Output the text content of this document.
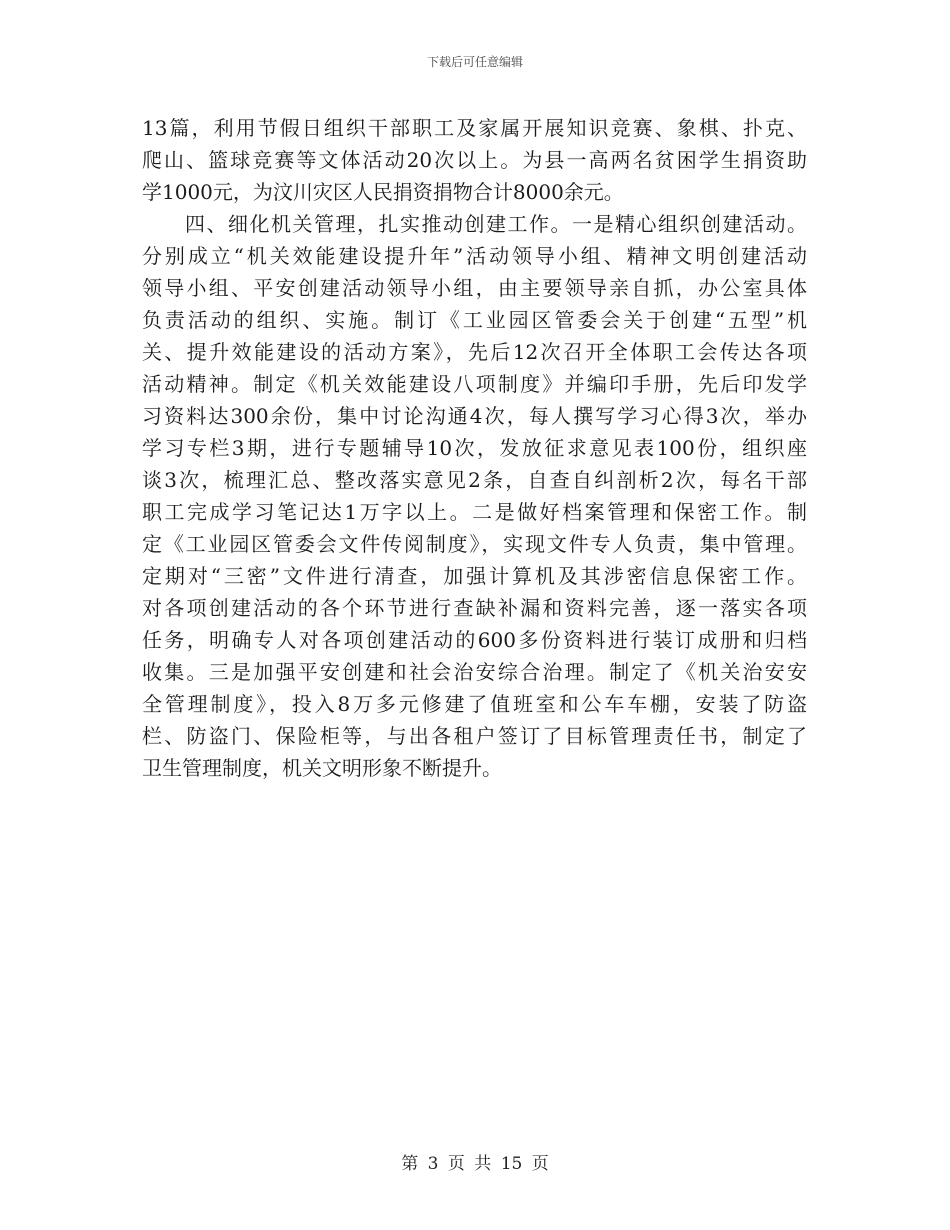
下载后可任意编辑
13篇，利用节假日组织干部职工及家属开展知识竞赛、象棋、扑克、
爬山、篮球竞赛等文体活动20次以上。为县一高两名贫困学生捐资助
学1000元，为汶川灾区人民捐资捐物合计8000余元。
　　四、细化机关管理，扎实推动创建工作。一是精心组织创建活动。
分别成立“机关效能建设提升年”活动领导小组、精神文明创建活动
领导小组、平安创建活动领导小组，由主要领导亲自抓，办公室具体
负责活动的组织、实施。制订《工业园区管委会关于创建“五型”机
关、提升效能建设的活动方案》，先后12次召开全体职工会传达各项
活动精神。制定《机关效能建设八项制度》并编印手册，先后印发学
习资料达300余份，集中讨论沟通4次，每人撰写学习心得3次，举办
学习专栏3期，进行专题辅导10次，发放征求意见表100份，组织座
谈3次，梳理汇总、整改落实意见2条，自查自纠剖析2次，每名干部
职工完成学习笔记达1万字以上。二是做好档案管理和保密工作。制
定《工业园区管委会文件传阅制度》，实现文件专人负责，集中管理。
定期对“三密”文件进行清查，加强计算机及其涉密信息保密工作。
对各项创建活动的各个环节进行查缺补漏和资料完善，逐一落实各项
任务，明确专人对各项创建活动的600多份资料进行装订成册和归档
收集。三是加强平安创建和社会治安综合治理。制定了《机关治安安
全管理制度》，投入8万多元修建了值班室和公车车棚，安装了防盗
栏、防盗门、保险柜等，与出各租户签订了目标管理责任书，制定了
卫生管理制度，机关文明形象不断提升。
第 3 页 共 15 页
